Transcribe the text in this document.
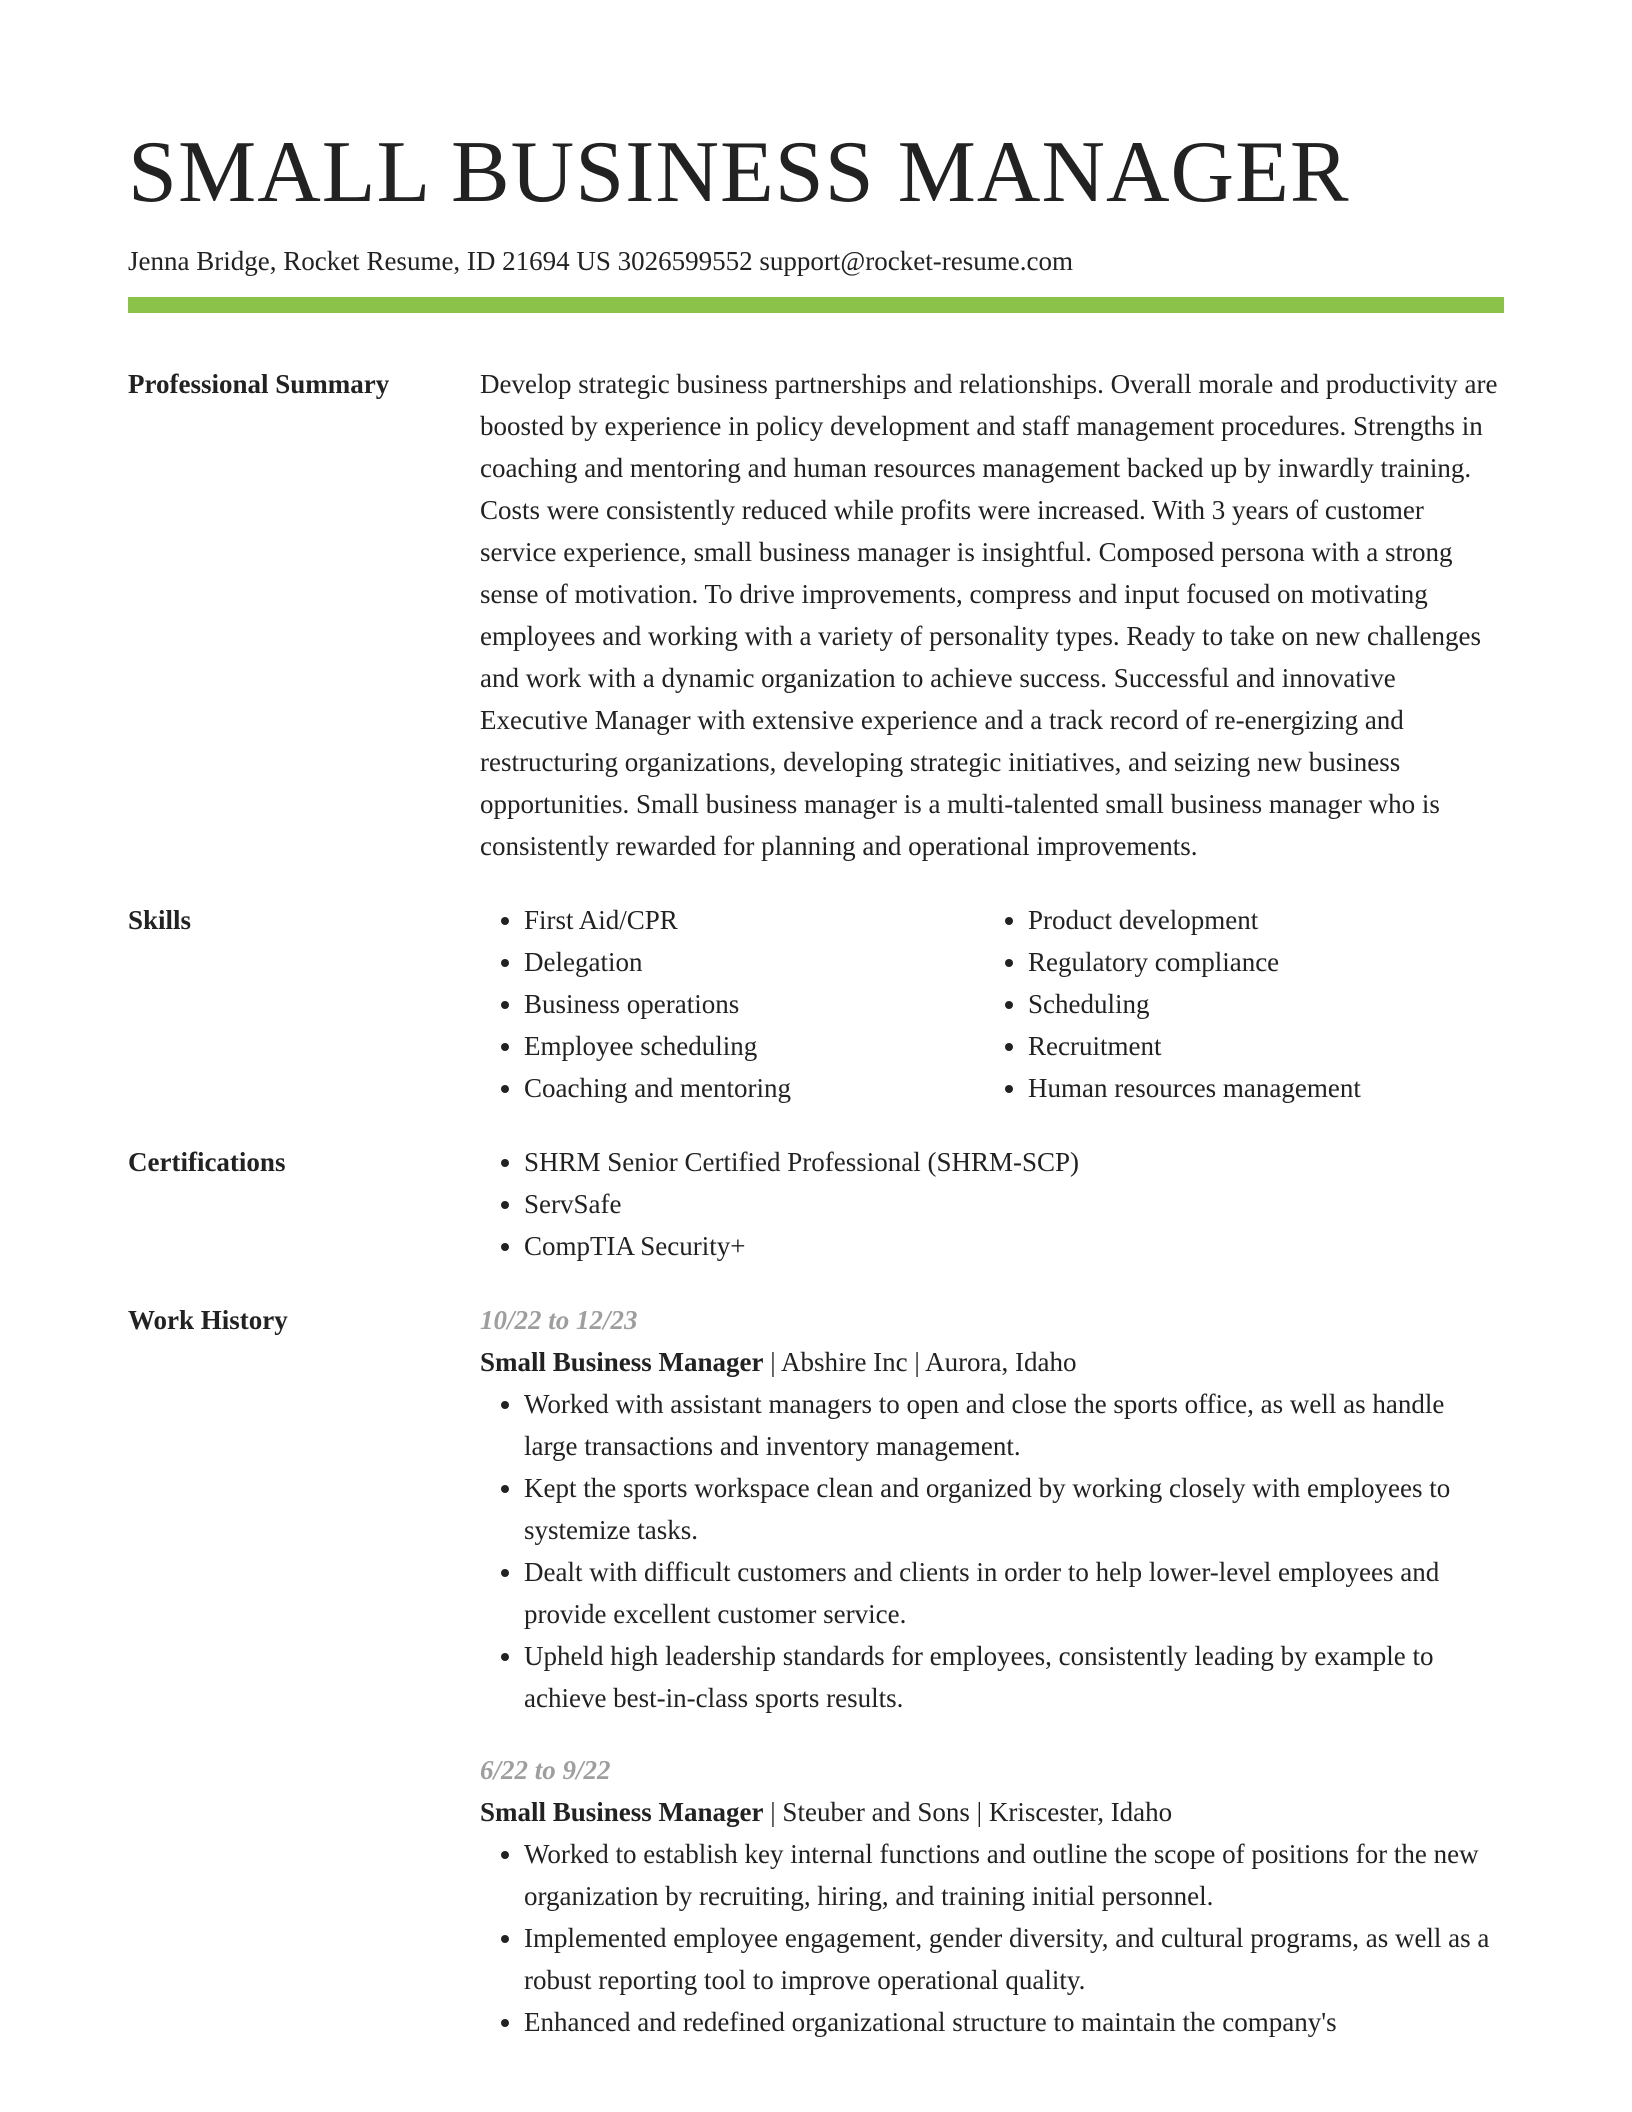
SMALL BUSINESS MANAGER
Jenna Bridge, Rocket Resume, ID 21694 US 3026599552 support@rocket-resume.com
Professional Summary	Develop strategic business partnerships and relationships. Overall morale and productivity are boosted by experience in policy development and staff management procedures. Strengths in coaching and mentoring and human resources management backed up by inwardly training. Costs were consistently reduced while profits were increased. With 3 years of customer service experience, small business manager is insightful. Composed persona with a strong sense of motivation. To drive improvements, compress and input focused on motivating employees and working with a variety of personality types. Ready to take on new challenges and work with a dynamic organization to achieve success. Successful and innovative Executive Manager with extensive experience and a track record of re-energizing and restructuring organizations, developing strategic initiatives, and seizing new business opportunities. Small business manager is a multi-talented small business manager who is consistently rewarded for planning and operational improvements.
Skills	• First Aid/CPR
• Delegation
• Business operations
• Employee scheduling
• Coaching and mentoring
• Product development
• Regulatory compliance
• Scheduling
• Recruitment
• Human resources management
Certifications	• SHRM Senior Certified Professional (SHRM-SCP)
• ServSafe
• CompTIA Security+
Work History	10/22 to 12/23
Small Business Manager | Abshire Inc | Aurora, Idaho
• Worked with assistant managers to open and close the sports office, as well as handle large transactions and inventory management.
• Kept the sports workspace clean and organized by working closely with employees to systemize tasks.
• Dealt with difficult customers and clients in order to help lower-level employees and provide excellent customer service.
• Upheld high leadership standards for employees, consistently leading by example to achieve best-in-class sports results.
6/22 to 9/22
Small Business Manager | Steuber and Sons | Kriscester, Idaho
• Worked to establish key internal functions and outline the scope of positions for the new organization by recruiting, hiring, and training initial personnel.
• Implemented employee engagement, gender diversity, and cultural programs, as well as a robust reporting tool to improve operational quality.
• Enhanced and redefined organizational structure to maintain the company's
